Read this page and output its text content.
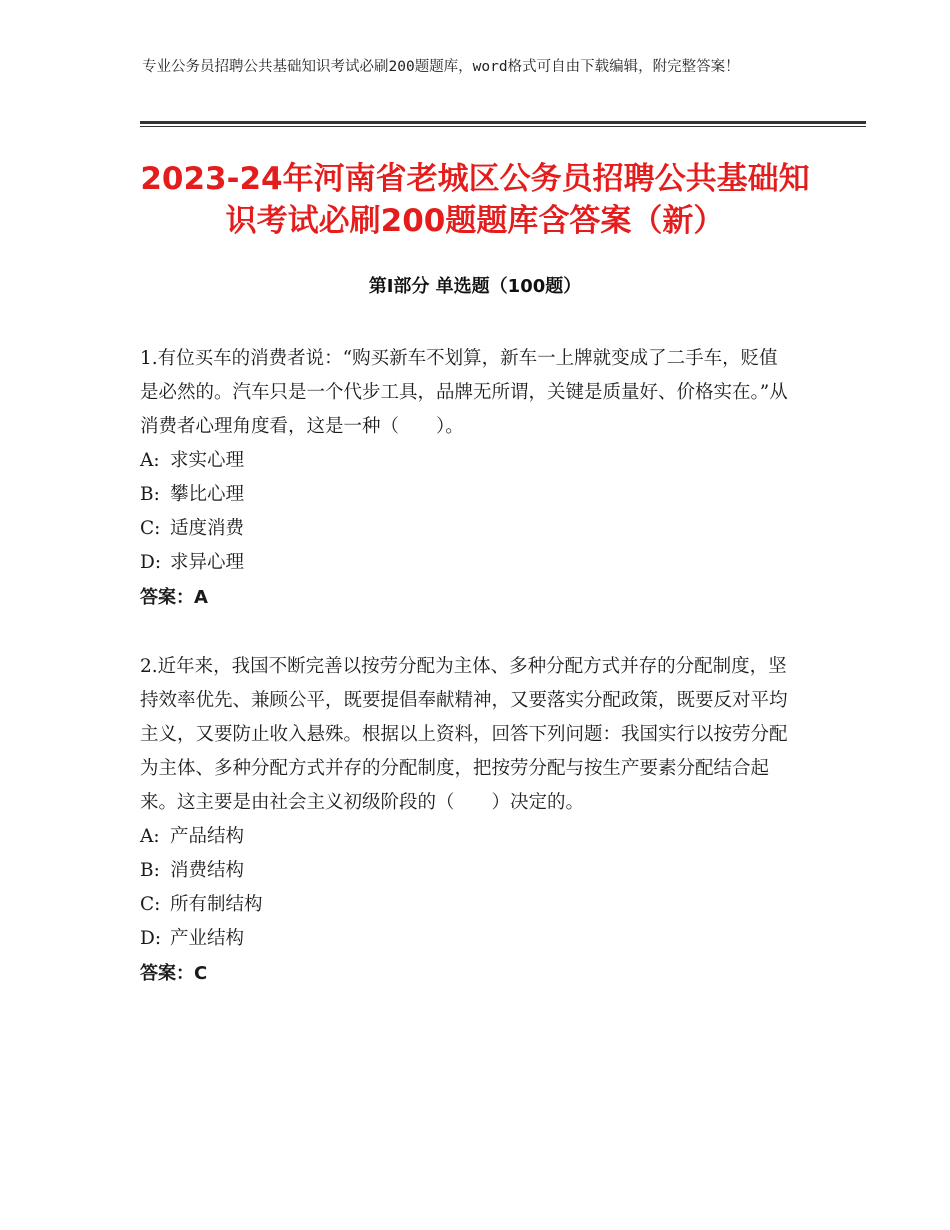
专业公务员招聘公共基础知识考试必刷200题题库，word格式可自由下载编辑，附完整答案！
2023-24年河南省老城区公务员招聘公共基础知识考试必刷200题题库含答案（新）
第Ⅰ部分 单选题（100题）

1.有位买车的消费者说：“购买新车不划算，新车一上牌就变成了二手车，贬值是必然的。汽车只是一个代步工具，品牌无所谓，关键是质量好、价格实在。”从消费者心理角度看，这是一种（　　）。

A: 求实心理

B: 攀比心理

C: 适度消费

D: 求异心理

答案：A

2.近年来，我国不断完善以按劳分配为主体、多种分配方式并存的分配制度，坚持效率优先、兼顾公平，既要提倡奉献精神，又要落实分配政策，既要反对平均主义，又要防止收入悬殊。根据以上资料，回答下列问题：我国实行以按劳分配为主体、多种分配方式并存的分配制度，把按劳分配与按生产要素分配结合起来。这主要是由社会主义初级阶段的（　　）决定的。

A: 产品结构

B: 消费结构

C: 所有制结构

D: 产业结构

答案：C
